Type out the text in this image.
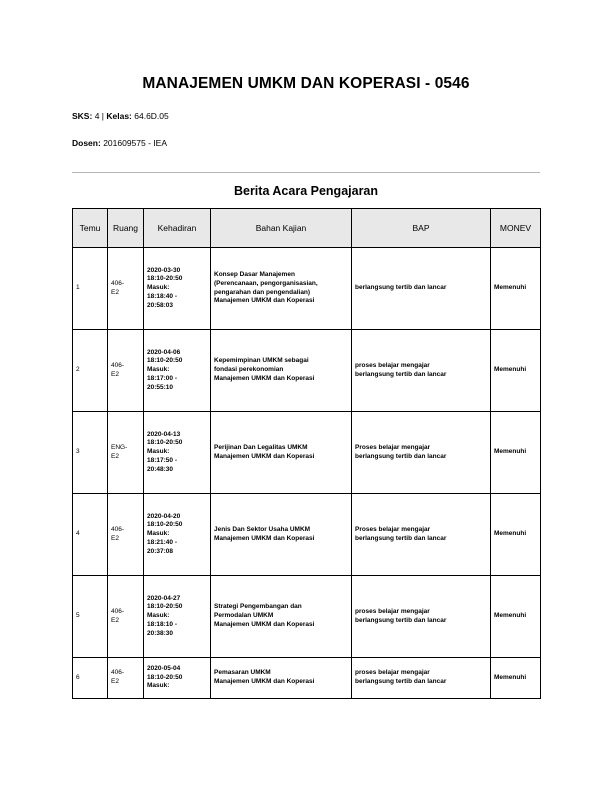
MANAJEMEN UMKM DAN KOPERASI - 0546
SKS: 4 | Kelas: 64.6D.05
Dosen: 201609575 - IEA
Berita Acara Pengajaran
Temu	Ruang	Kehadiran	Bahan Kajian	BAP	MONEV
1	406-
E2	2020-03-30
18:10-20:50
Masuk:
18:18:40 -
20:58:03	Konsep Dasar Manajemen
(Perencanaan, pengorganisasian,
pengarahan dan pengendalian)
Manajemen UMKM dan Koperasi	berlangsung tertib dan lancar	Memenuhi
2	406-
E2	2020-04-06
18:10-20:50
Masuk:
18:17:00 -
20:55:10	Kepemimpinan UMKM sebagai
fondasi perekonomian
Manajemen UMKM dan Koperasi	proses belajar mengajar
berlangsung tertib dan lancar	Memenuhi
3	ENG-
E2	2020-04-13
18:10-20:50
Masuk:
18:17:50 -
20:48:30	Perijinan Dan Legalitas UMKM
Manajemen UMKM dan Koperasi	Proses belajar mengajar
berlangsung tertib dan lancar	Memenuhi
4	406-
E2	2020-04-20
18:10-20:50
Masuk:
18:21:40 -
20:37:08	Jenis Dan Sektor Usaha UMKM
Manajemen UMKM dan Koperasi	Proses belajar mengajar
berlangsung tertib dan lancar	Memenuhi
5	406-
E2	2020-04-27
18:10-20:50
Masuk:
18:18:10 -
20:38:30	Strategi Pengembangan dan
Permodalan UMKM
Manajemen UMKM dan Koperasi	proses belajar mengajar
berlangsung tertib dan lancar	Memenuhi
6	406-
E2	2020-05-04
18:10-20:50
Masuk:	Pemasaran UMKM
Manajemen UMKM dan Koperasi	proses belajar mengajar
berlangsung tertib dan lancar	Memenuhi
